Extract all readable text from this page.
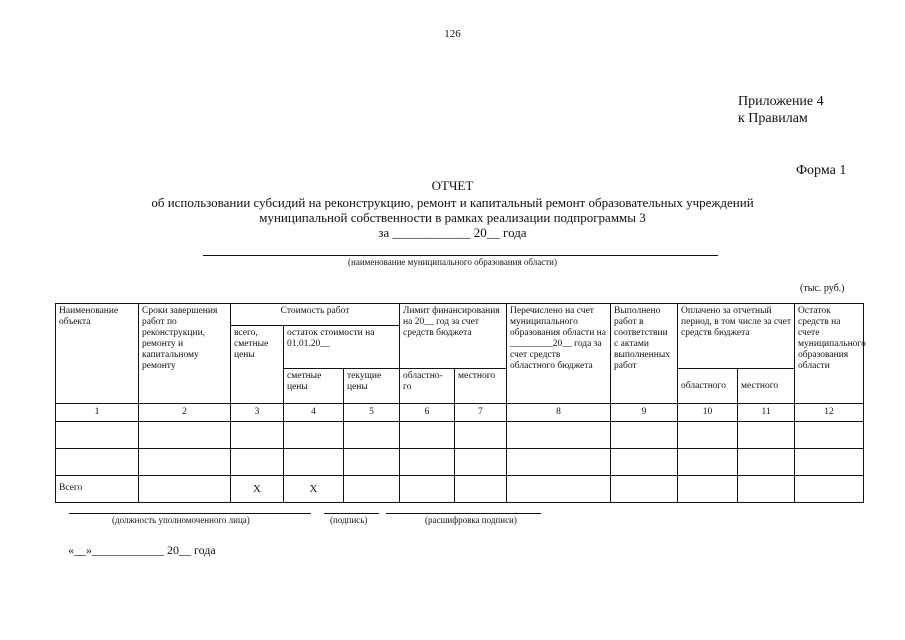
126
Приложение 4
к Правилам
Форма 1
ОТЧЕТ
об использовании субсидий на реконструкцию, ремонт и капитальный ремонт образовательных учреждений
муниципальной собственности в рамках реализации подпрограммы 3
за ____________ 20__ года
(наименование муниципального образования области)
(тыс. руб.)
Наименование объекта	Сроки завершения работ по реконструкции, ремонту и капитальному ремонту	Стоимость работ			Лимит финансирования на 20__ год за счет средств бюджета		Перечислено на счет муниципального образования области на _________20__ года за счет средств областного бюджета	Выполнено работ в соответствии с актами выполненных работ	Оплачено за отчетный период, в том числе за счет средств бюджета		Остаток средств на счете муниципального образования области
		всего, сметные цены	остаток стоимости на 01.01.20__								
			сметные цены	текущие цены	областно-го	местного			областного	местного	
1	2	3	4	5	6	7	8	9	10	11	12

Всего		Х	Х								
(должность уполномоченного лица)	(подпись)	(расшифровка подписи)
«__»____________ 20__ года
